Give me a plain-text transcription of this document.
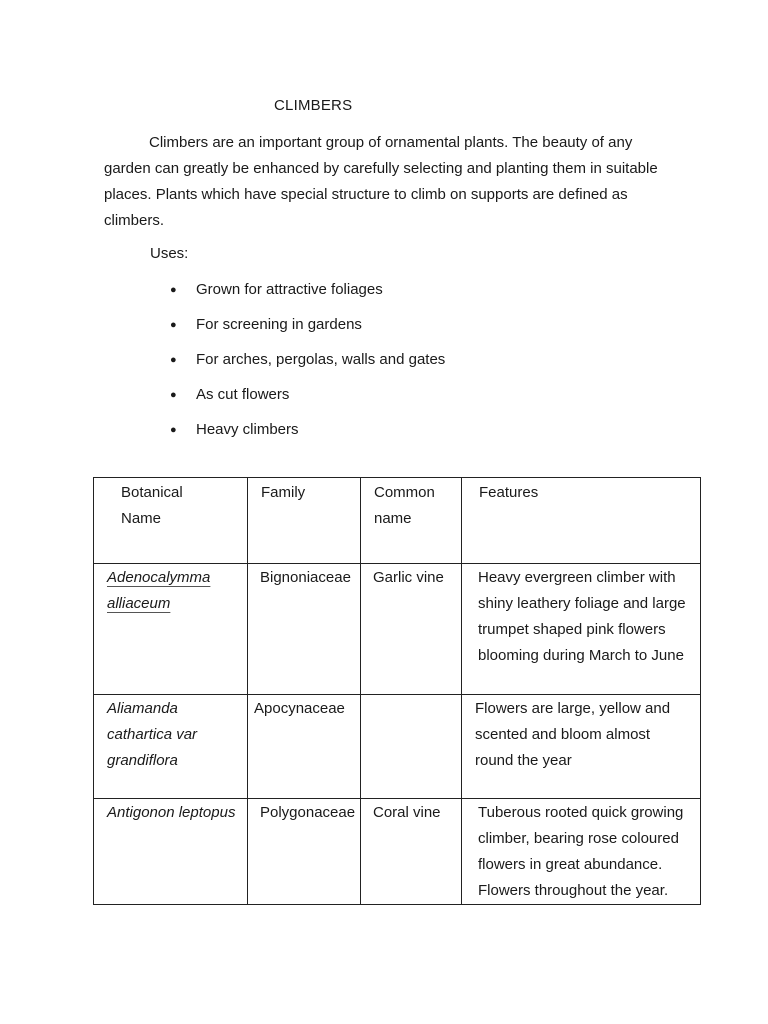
CLIMBERS

Climbers are an important group of ornamental plants. The beauty of any garden can greatly be enhanced by carefully selecting and planting them in suitable places. Plants which have special structure to climb on supports are defined as climbers.

Uses:
●	Grown for attractive foliages
●	For screening in gardens
●	For arches, pergolas, walls and gates
●	As cut flowers
●	Heavy climbers
Botanical Name	Family	Common name	Features

Adenocalymma alliaceum	Bignoniaceae	Garlic vine	Heavy evergreen climber with shiny leathery foliage and large trumpet shaped pink flowers blooming during March to June

Aliamanda cathartica var grandiflora	Apocynaceae		Flowers are large, yellow and scented and bloom almost round the year

Antigonon leptopus	Polygonaceae	Coral vine	Tuberous rooted quick growing climber, bearing rose coloured flowers in great abundance. Flowers throughout the year.
